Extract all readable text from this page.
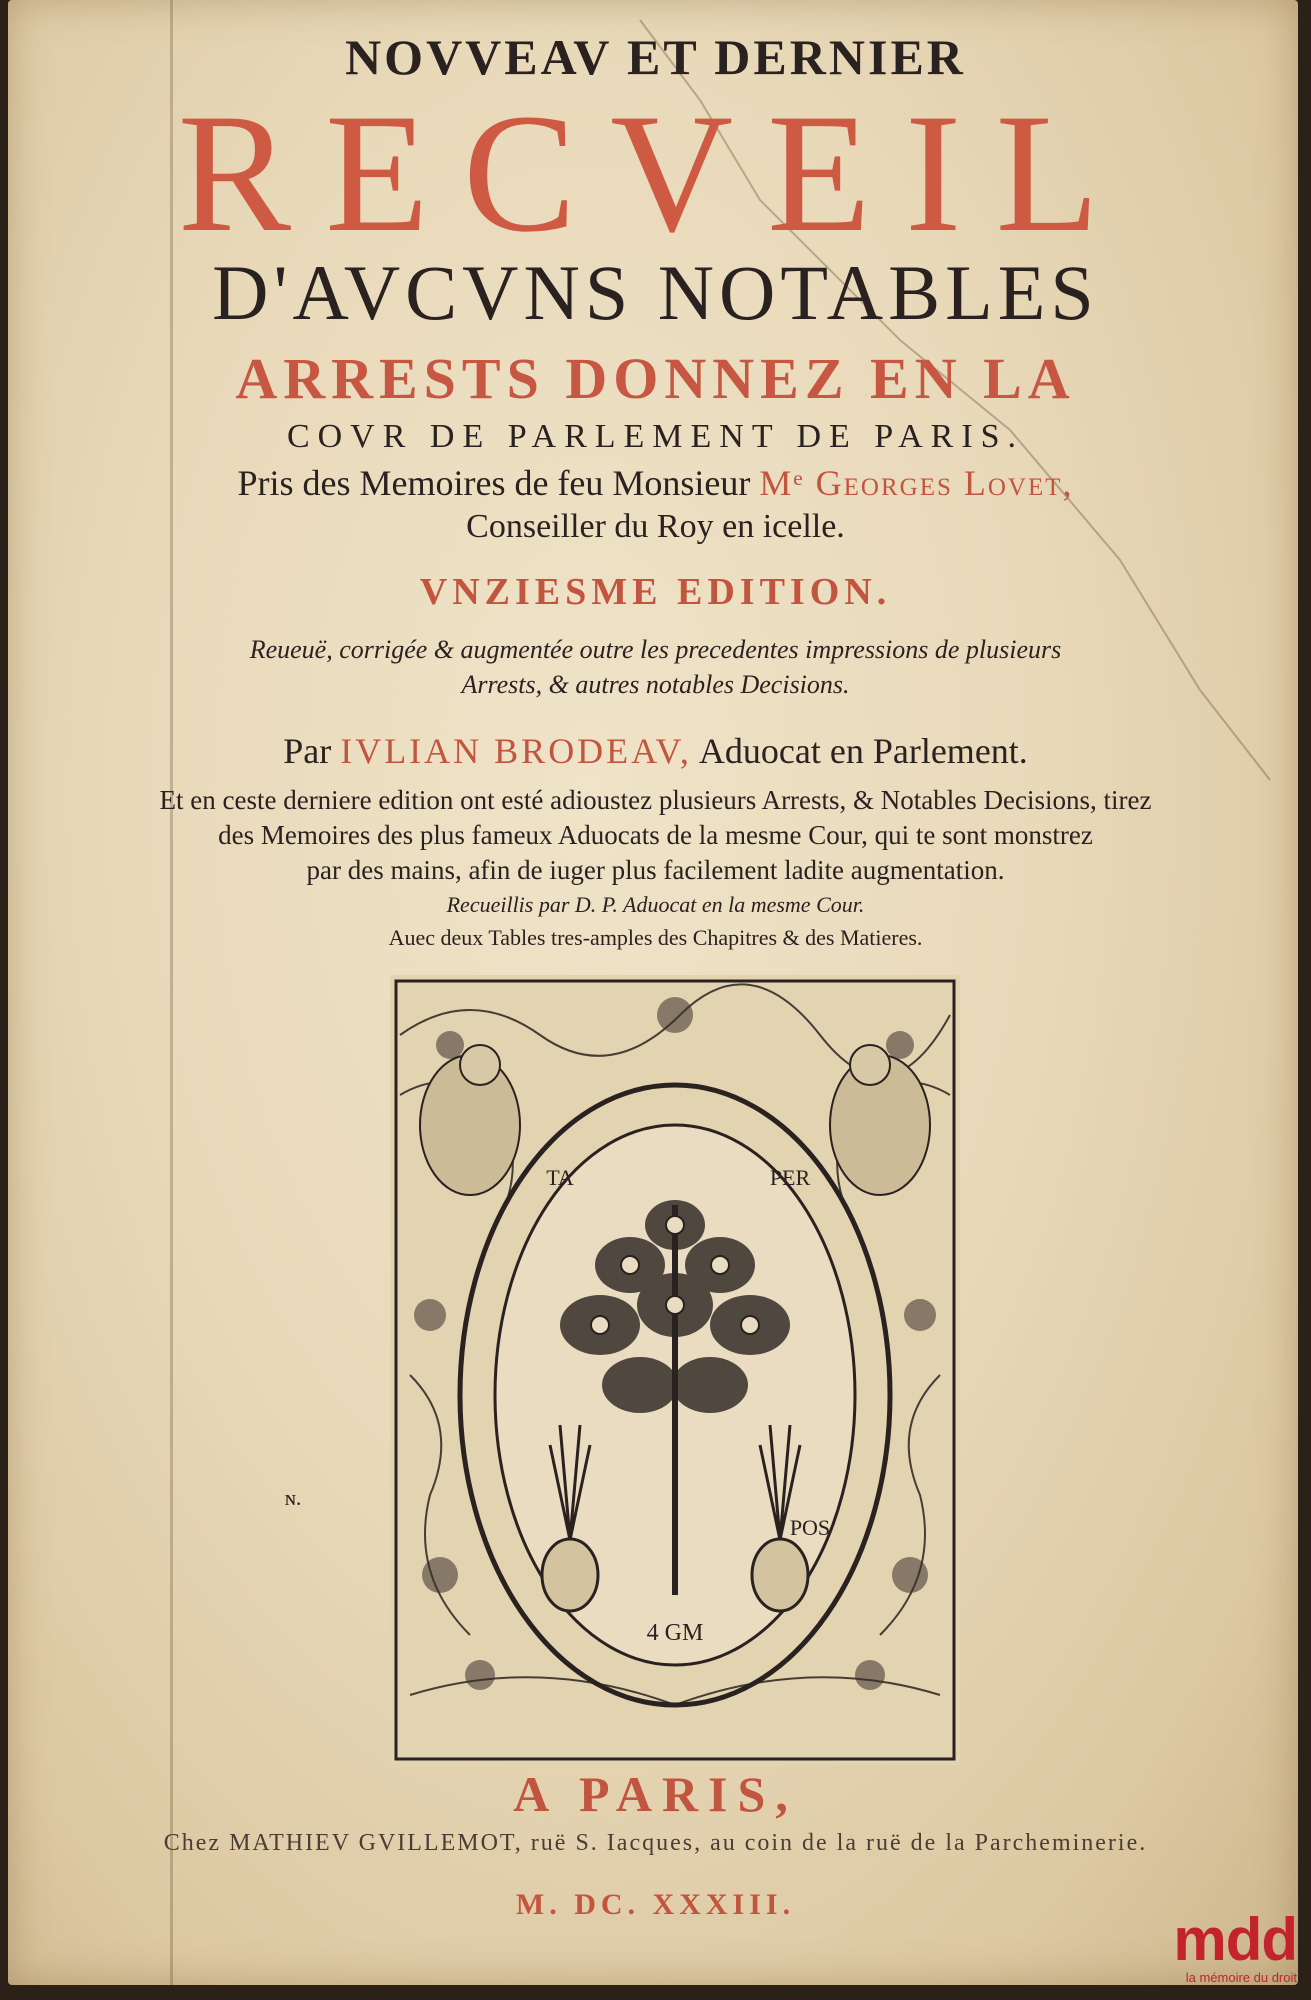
NOVVEAV ET DERNIER
RECVEIL
D'AVCVNS NOTABLES
ARRESTS DONNEZ EN LA
COVR DE PARLEMENT DE PARIS.
Pris des Memoires de feu Monsieur Mᵉ Georges Lovet,
Conseiller du Roy en icelle.
VNZIESME EDITION.
Reueuë, corrigée & augmentée outre les precedentes impressions de plusieurs
Arrests, & autres notables Decisions.
Par IVLIAN BRODEAV, Aduocat en Parlement.
Et en ceste derniere edition ont esté adioustez plusieurs Arrests, & Notables Decisions, tirez
des Memoires des plus fameux Aduocats de la mesme Cour, qui te sont monstrez
par des mains, afin de iuger plus facilement ladite augmentation.
Recueillis par D. P. Aduocat en la mesme Cour.
Auec deux Tables tres-amples des Chapitres & des Matieres.
ɴ.
4 GM
TA	PER
POS
A PARIS,
Chez MATHIEV GVILLEMOT, ruë S. Iacques, au coin de la ruë de la Parcheminerie.
M. DC. XXXIII.
mdd
la mémoire du droit
